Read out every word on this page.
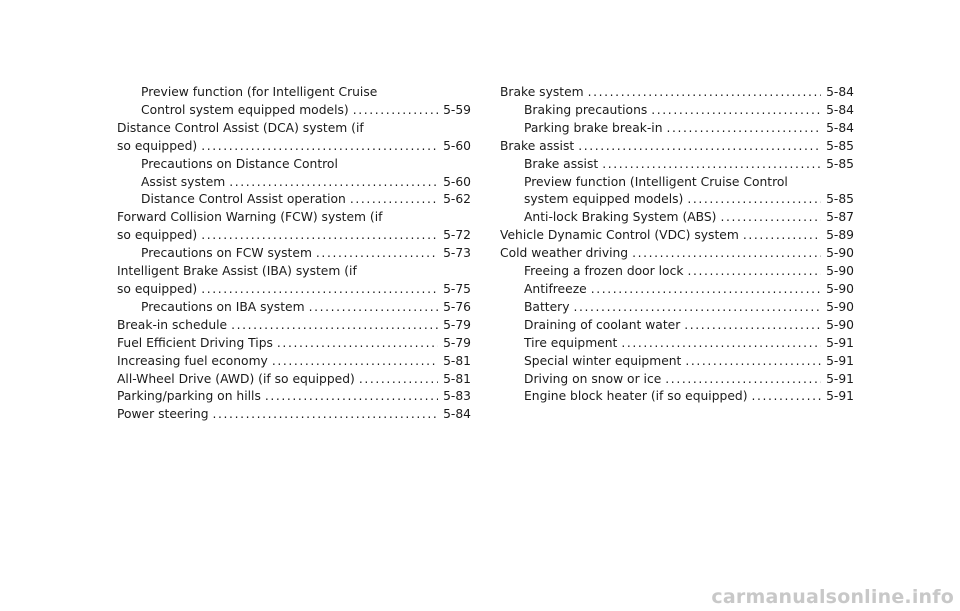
Preview function (for Intelligent Cruise
Control system equipped models) .....	5-59
Distance Control Assist (DCA) system (if
so equipped) .....	5-60
Precautions on Distance Control
Assist system .....	5-60
Distance Control Assist operation .....	5-62
Forward Collision Warning (FCW) system (if
so equipped) .....	5-72
Precautions on FCW system .....	5-73
Intelligent Brake Assist (IBA) system (if
so equipped) .....	5-75
Precautions on IBA system .....	5-76
Break-in schedule .....	5-79
Fuel Efficient Driving Tips .....	5-79
Increasing fuel economy .....	5-81
All-Wheel Drive (AWD) (if so equipped) .....	5-81
Parking/parking on hills .....	5-83
Power steering .....	5-84
Brake system .....	5-84
Braking precautions .....	5-84
Parking brake break-in .....	5-84
Brake assist .....	5-85
Brake assist .....	5-85
Preview function (Intelligent Cruise Control
system equipped models) .....	5-85
Anti-lock Braking System (ABS) .....	5-87
Vehicle Dynamic Control (VDC) system .....	5-89
Cold weather driving .....	5-90
Freeing a frozen door lock .....	5-90
Antifreeze .....	5-90
Battery .....	5-90
Draining of coolant water .....	5-90
Tire equipment .....	5-91
Special winter equipment .....	5-91
Driving on snow or ice .....	5-91
Engine block heater (if so equipped) .....	5-91
carmanualsonline.info
